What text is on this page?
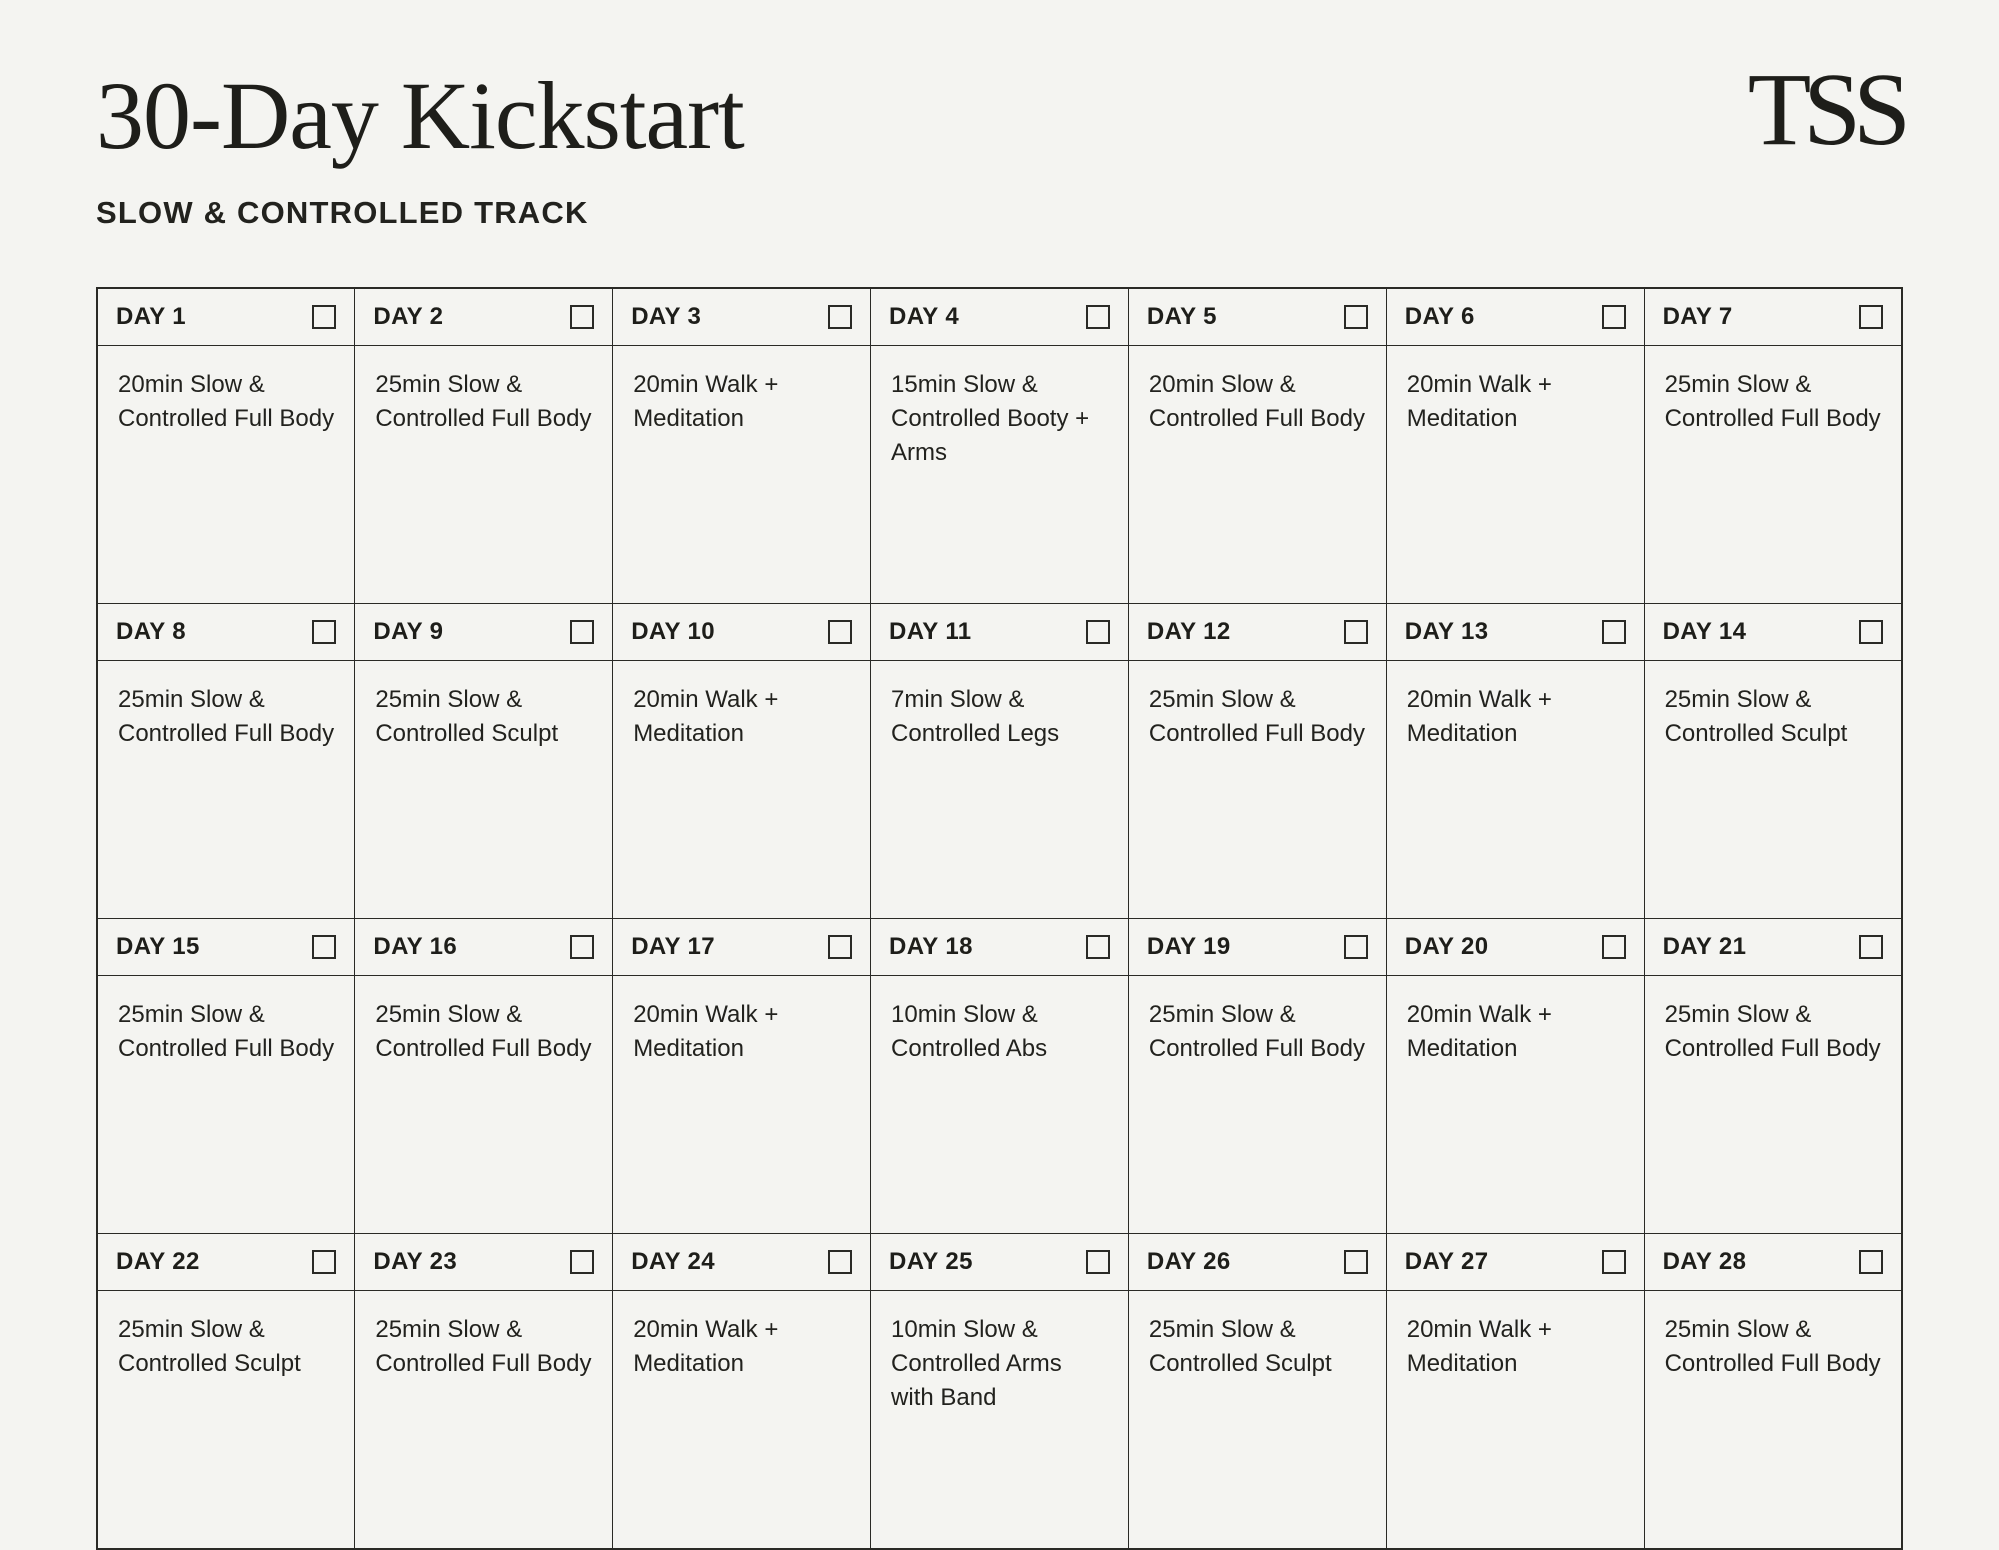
30-Day Kickstart
SLOW & CONTROLLED TRACK
TSS
DAY 1	DAY 2	DAY 3	DAY 4	DAY 5	DAY 6	DAY 7

20min Slow & Controlled Full Body	25min Slow & Controlled Full Body	20min Walk + Meditation	15min Slow & Controlled Booty + Arms	20min Slow & Controlled Full Body	20min Walk + Meditation	25min Slow & Controlled Full Body

DAY 8	DAY 9	DAY 10	DAY 11	DAY 12	DAY 13	DAY 14

25min Slow & Controlled Full Body	25min Slow & Controlled Sculpt	20min Walk + Meditation	7min Slow & Controlled Legs	25min Slow & Controlled Full Body	20min Walk + Meditation	25min Slow & Controlled Sculpt

DAY 15	DAY 16	DAY 17	DAY 18	DAY 19	DAY 20	DAY 21

25min Slow & Controlled Full Body	25min Slow & Controlled Full Body	20min Walk + Meditation	10min Slow & Controlled Abs	25min Slow & Controlled Full Body	20min Walk + Meditation	25min Slow & Controlled Full Body

DAY 22	DAY 23	DAY 24	DAY 25	DAY 26	DAY 27	DAY 28

25min Slow & Controlled Sculpt	25min Slow & Controlled Full Body	20min Walk + Meditation	10min Slow & Controlled Arms with Band	25min Slow & Controlled Sculpt	20min Walk + Meditation	25min Slow & Controlled Full Body
